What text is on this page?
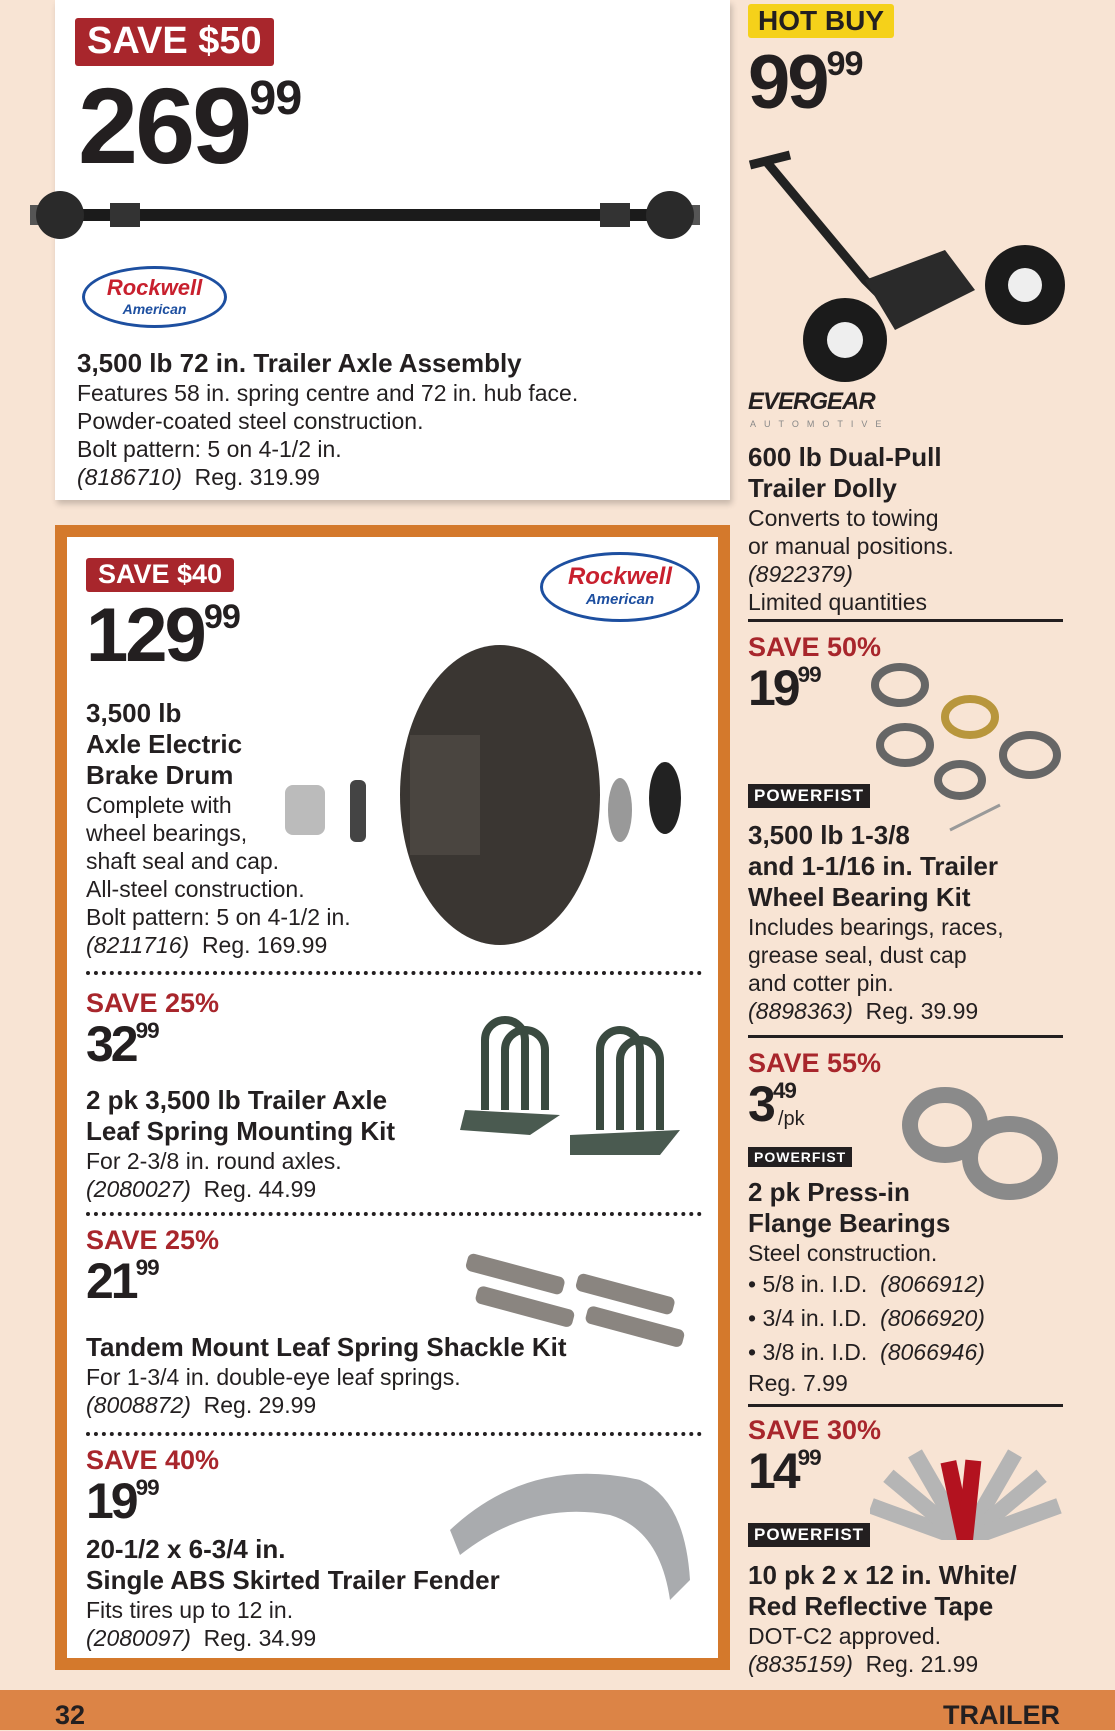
SAVE $50
$269^{99}$
Rockwell
American
3,500 lb 72 in. Trailer Axle Assembly
Features 58 in. spring centre and 72 in. hub face.
Powder-coated steel construction.
Bolt pattern: 5 on 4-1/2 in.
(8186710) Reg. 319.99
SAVE $40
$129^{99}$
Rockwell
American
3,500 lb
Axle Electric
Brake Drum
Complete with
wheel bearings,
shaft seal and cap.
All-steel construction.
Bolt pattern: 5 on 4-1/2 in.
(8211716) Reg. 169.99
SAVE 25%
$32^{99}$
2 pk 3,500 lb Trailer Axle
Leaf Spring Mounting Kit
For 2-3/8 in. round axles.
(2080027) Reg. 44.99
SAVE 25%
$21^{99}$
Tandem Mount Leaf Spring Shackle Kit
For 1-3/4 in. double-eye leaf springs.
(8008872) Reg. 29.99
SAVE 40%
$19^{99}$
20-1/2 x 6-3/4 in.
Single ABS Skirted Trailer Fender
Fits tires up to 12 in.
(2080097) Reg. 34.99
HOT BUY
$99^{99}$
EVERGEAR
AUTOMOTIVE
600 lb Dual-Pull
Trailer Dolly
Converts to towing
or manual positions.
(8922379)
Limited quantities
SAVE 50%
$19^{99}$
POWERFIST
3,500 lb 1-3/8
and 1-1/16 in. Trailer
Wheel Bearing Kit
Includes bearings, races,
grease seal, dust cap
and cotter pin.
(8898363) Reg. 39.99
SAVE 55%
$3^{49}$
/pk
POWERFIST
2 pk Press-in
Flange Bearings
Steel construction.
• 5/8 in. I.D. (8066912)
• 3/4 in. I.D. (8066920)
• 3/8 in. I.D. (8066946)
Reg. 7.99
SAVE 30%
$14^{99}$
POWERFIST
10 pk 2 x 12 in. White/
Red Reflective Tape
DOT-C2 approved.
(8835159) Reg. 21.99
32	TRAILER
